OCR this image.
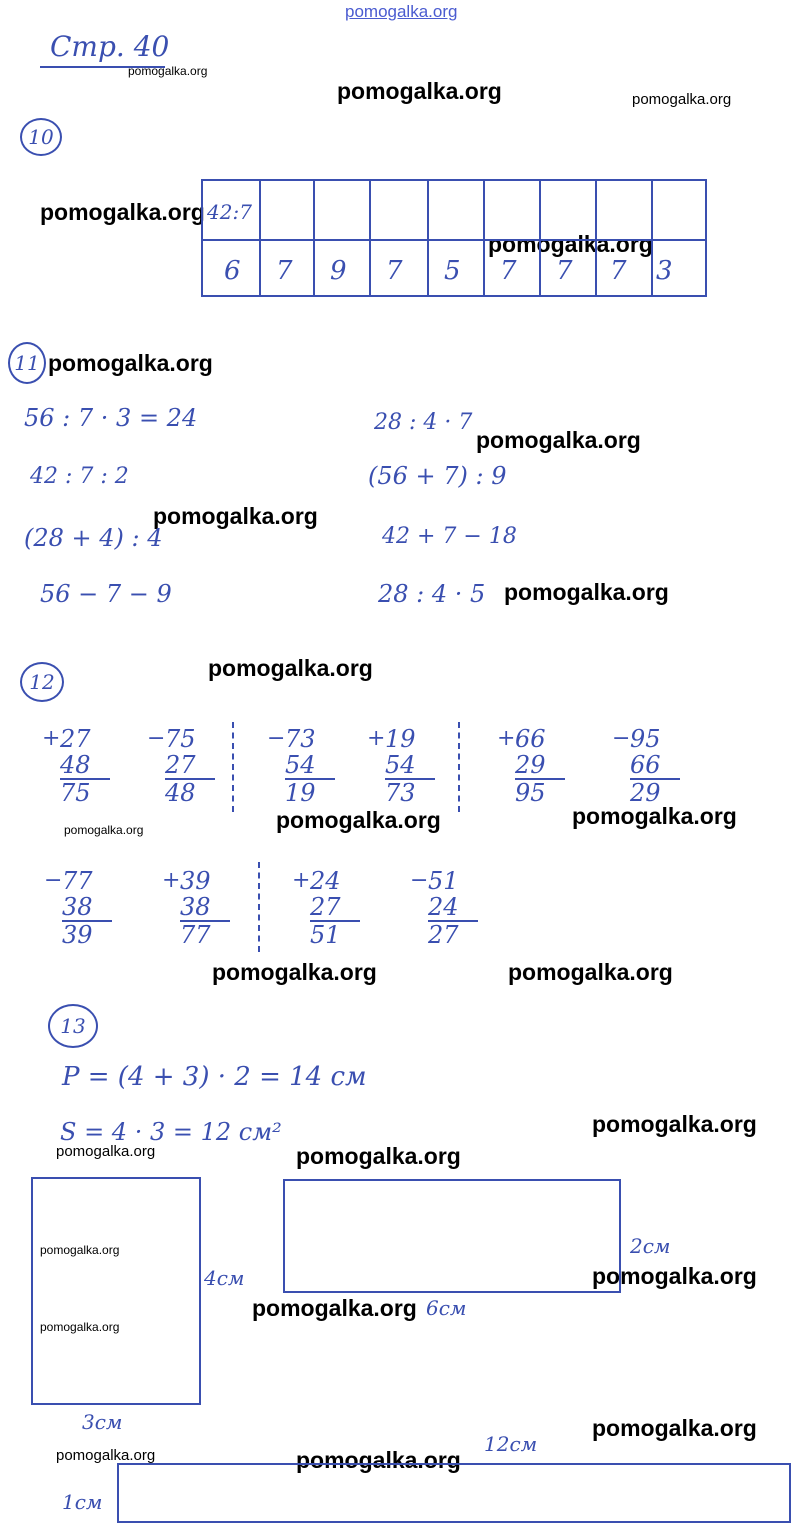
pomogalka.org
Стр. 40
pomogalka.org
pomogalka.org	pomogalka.org
pomogalka.org
pomogalka.org
pomogalka.org
pomogalka.org
pomogalka.org
pomogalka.org
pomogalka.org
pomogalka.org	pomogalka.org	pomogalka.org
pomogalka.org	pomogalka.org
pomogalka.org
pomogalka.org	pomogalka.org
pomogalka.org
pomogalka.org
pomogalka.org
pomogalka.org
pomogalka.org
pomogalka.org	pomogalka.org
10
42:7
6 7 9 7 5 7 7 7 3
11
56 : 7 · 3 = 24
42 : 7 : 2
(28 + 4) : 4
56 − 7 − 9
28 : 4 · 7
(56 + 7) : 9
42 + 7 − 18
28 : 4 · 5
12
+ 27
48
75
− 75
27
48
− 73
54
19
+ 19
54
73
+ 66
29
95
− 95
66
29
− 77
38
39
+ 39
38
77
+ 24
27
51
− 51
24
27
13
P = (4 + 3) · 2 = 14 см
S = 4 · 3 = 12 см²
4см
3см
2см
6см
12см
1см
